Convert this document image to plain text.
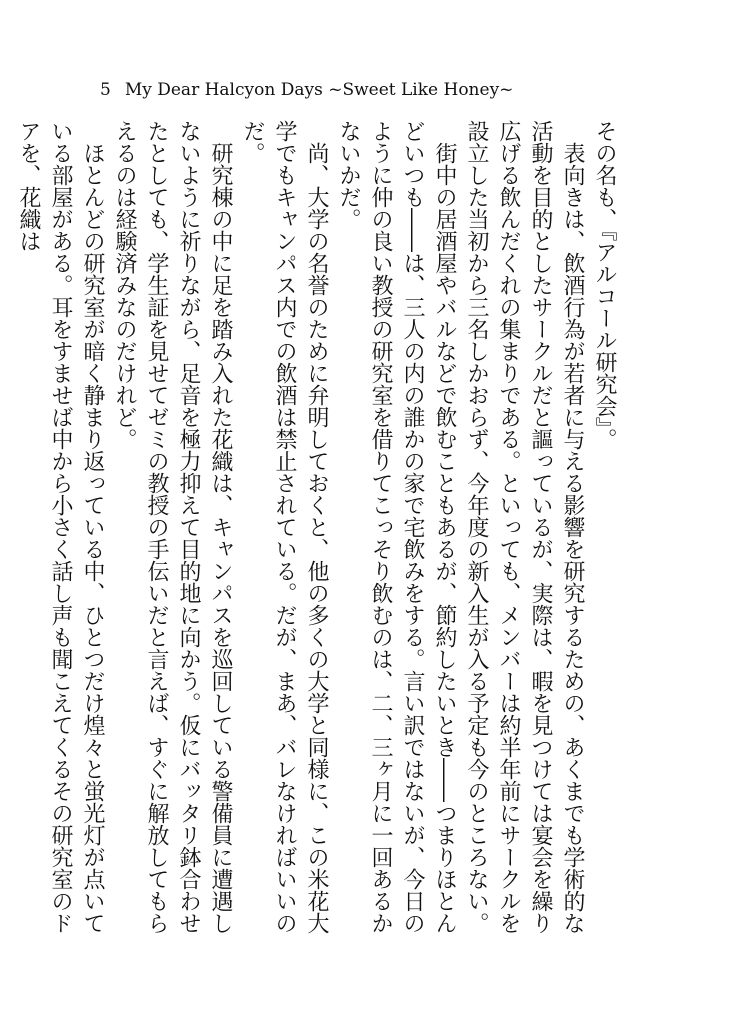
5 My Dear Halcyon Days ~Sweet Like Honey~

その名も、『アルコール研究会』。

表向きは、飲酒行為が若者に与える影響を研究するための、あくまでも学術的な活動を目的としたサークルだと謳っているが、実際は、暇を見つけては宴会を繰り広げる飲んだくれの集まりである。といっても、メンバーは約半年前にサークルを設立した当初から三名しかおらず、今年度の新入生が入る予定も今のところない。

街中の居酒屋やバルなどで飲むこともあるが、節約したいとき――つまりほとんどいつも――は、三人の内の誰かの家で宅飲みをする。言い訳ではないが、今日のように仲の良い教授の研究室を借りてこっそり飲むのは、二、三ヶ月に一回あるかないかだ。

尚、大学の名誉のために弁明しておくと、他の多くの大学と同様に、この米花大学でもキャンパス内での飲酒は禁止されている。だが、まあ、バレなければいいのだ。

研究棟の中に足を踏み入れた花織は、キャンパスを巡回している警備員に遭遇しないように祈りながら、足音を極力抑えて目的地に向かう。仮にバッタリ鉢合わせたとしても、学生証を見せてゼミの教授の手伝いだと言えば、すぐに解放してもらえるのは経験済みなのだけれど。

ほとんどの研究室が暗く静まり返っている中、ひとつだけ煌々と蛍光灯が点いている部屋がある。耳をすませば中から小さく話し声も聞こえてくるその研究室のドアを、花織は
